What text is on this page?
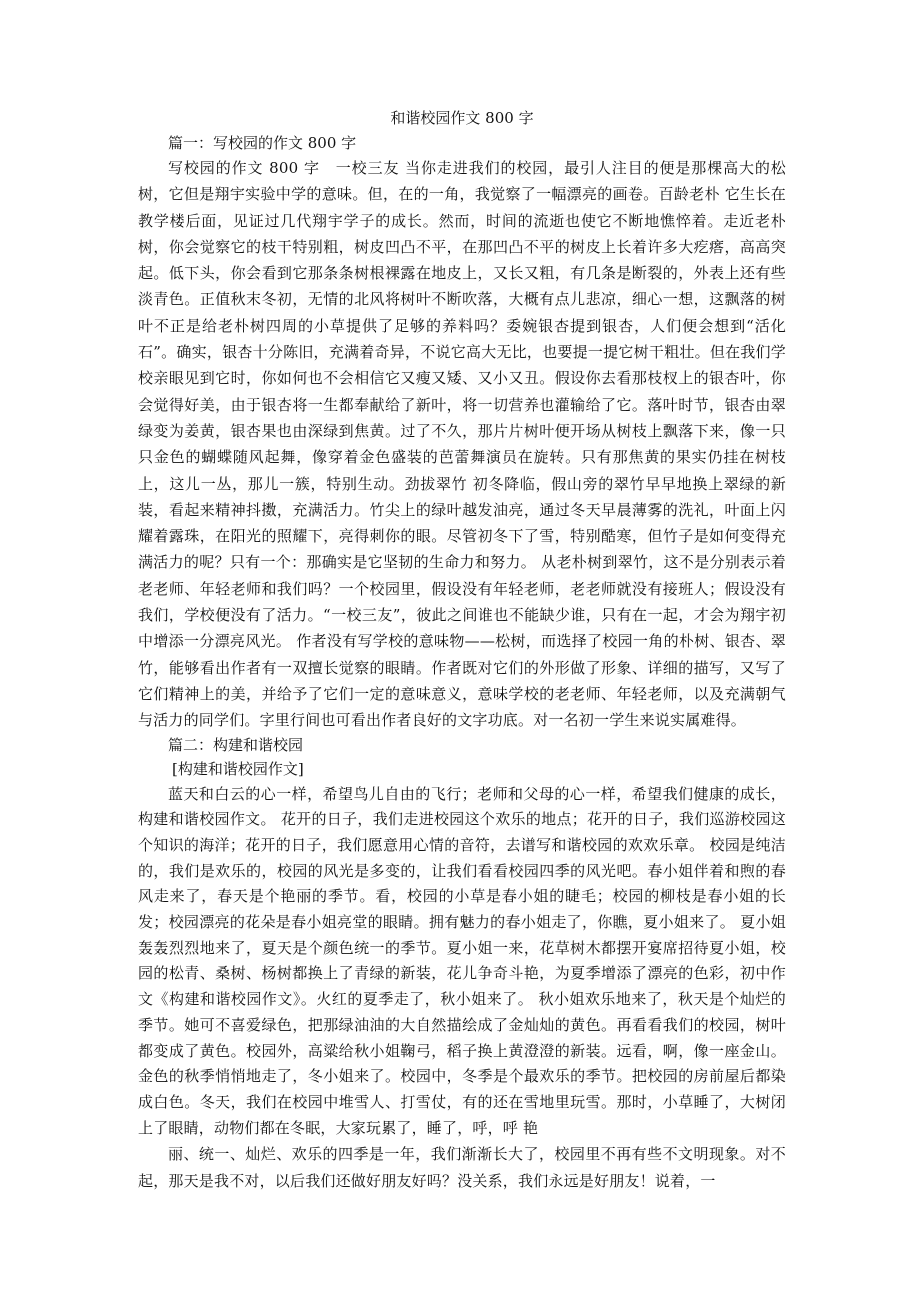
和谐校园作文 800 字

篇一：写校园的作文 800 字

写校园的作文 800 字　一校三友 当你走进我们的校园，最引人注目的便是那棵高大的松树，它但是翔宇实验中学的意味。但，在的一角，我觉察了一幅漂亮的画卷。百龄老朴 它生长在教学楼后面，见证过几代翔宇学子的成长。然而，时间的流逝也使它不断地憔悴着。走近老朴树，你会觉察它的枝干特别粗，树皮凹凸不平，在那凹凸不平的树皮上长着许多大疙瘩，高高突起。低下头，你会看到它那条条树根裸露在地皮上，又长又粗，有几条是断裂的，外表上还有些淡青色。正值秋末冬初，无情的北风将树叶不断吹落，大概有点儿悲凉，细心一想，这飘落的树叶不正是给老朴树四周的小草提供了足够的养料吗？委婉银杏提到银杏，人们便会想到“活化石”。确实，银杏十分陈旧，充满着奇异，不说它高大无比，也要提一提它树干粗壮。但在我们学校亲眼见到它时，你如何也不会相信它又瘦又矮、又小又丑。假设你去看那枝杈上的银杏叶，你会觉得好美，由于银杏将一生都奉献给了新叶，将一切营养也灌输给了它。落叶时节，银杏由翠绿变为姜黄，银杏果也由深绿到焦黄。过了不久，那片片树叶便开场从树枝上飘落下来，像一只只金色的蝴蝶随风起舞，像穿着金色盛装的芭蕾舞演员在旋转。只有那焦黄的果实仍挂在树枝上，这儿一丛，那儿一簇，特别生动。劲拔翠竹 初冬降临，假山旁的翠竹早早地换上翠绿的新装，看起来精神抖擞，充满活力。竹尖上的绿叶越发油亮，通过冬天早晨薄雾的洗礼，叶面上闪耀着露珠，在阳光的照耀下，亮得刺你的眼。尽管初冬下了雪，特别酷寒，但竹子是如何变得充满活力的呢？只有一个：那确实是它坚韧的生命力和努力。 从老朴树到翠竹，这不是分别表示着老老师、年轻老师和我们吗？一个校园里，假设没有年轻老师，老老师就没有接班人；假设没有我们，学校便没有了活力。“一校三友”，彼此之间谁也不能缺少谁，只有在一起，才会为翔宇初中增添一分漂亮风光。 作者没有写学校的意味物——松树，而选择了校园一角的朴树、银杏、翠竹，能够看出作者有一双擅长觉察的眼睛。作者既对它们的外形做了形象、详细的描写，又写了它们精神上的美，并给予了它们一定的意味意义，意味学校的老老师、年轻老师，以及充满朝气与活力的同学们。字里行间也可看出作者良好的文字功底。对一名初一学生来说实属难得。

篇二：构建和谐校园

[构建和谐校园作文]

蓝天和白云的心一样，希望鸟儿自由的飞行；老师和父母的心一样，希望我们健康的成长，构建和谐校园作文。 花开的日子，我们走进校园这个欢乐的地点；花开的日子，我们巡游校园这个知识的海洋；花开的日子，我们愿意用心情的音符，去谱写和谐校园的欢欢乐章。 校园是纯洁的，我们是欢乐的，校园的风光是多变的，让我们看看校园四季的风光吧。春小姐伴着和煦的春风走来了，春天是个艳丽的季节。看，校园的小草是春小姐的睫毛；校园的柳枝是春小姐的长发；校园漂亮的花朵是春小姐亮堂的眼睛。拥有魅力的春小姐走了，你瞧，夏小姐来了。 夏小姐轰轰烈烈地来了，夏天是个颜色统一的季节。夏小姐一来，花草树木都摆开宴席招待夏小姐，校园的松青、桑树、杨树都换上了青绿的新装，花儿争奇斗艳，为夏季增添了漂亮的色彩，初中作文《构建和谐校园作文》。火红的夏季走了，秋小姐来了。 秋小姐欢乐地来了，秋天是个灿烂的季节。她可不喜爱绿色，把那绿油油的大自然描绘成了金灿灿的黄色。再看看我们的校园，树叶都变成了黄色。校园外，高粱给秋小姐鞠弓，稻子换上黄澄澄的新装。远看，啊，像一座金山。金色的秋季悄悄地走了，冬小姐来了。校园中，冬季是个最欢乐的季节。把校园的房前屋后都染成白色。冬天，我们在校园中堆雪人、打雪仗，有的还在雪地里玩雪。那时，小草睡了，大树闭上了眼睛，动物们都在冬眠，大家玩累了，睡了，呼，呼 艳

丽、统一、灿烂、欢乐的四季是一年，我们渐渐长大了，校园里不再有些不文明现象。对不起，那天是我不对，以后我们还做好朋友好吗？没关系，我们永远是好朋友！说着，一
